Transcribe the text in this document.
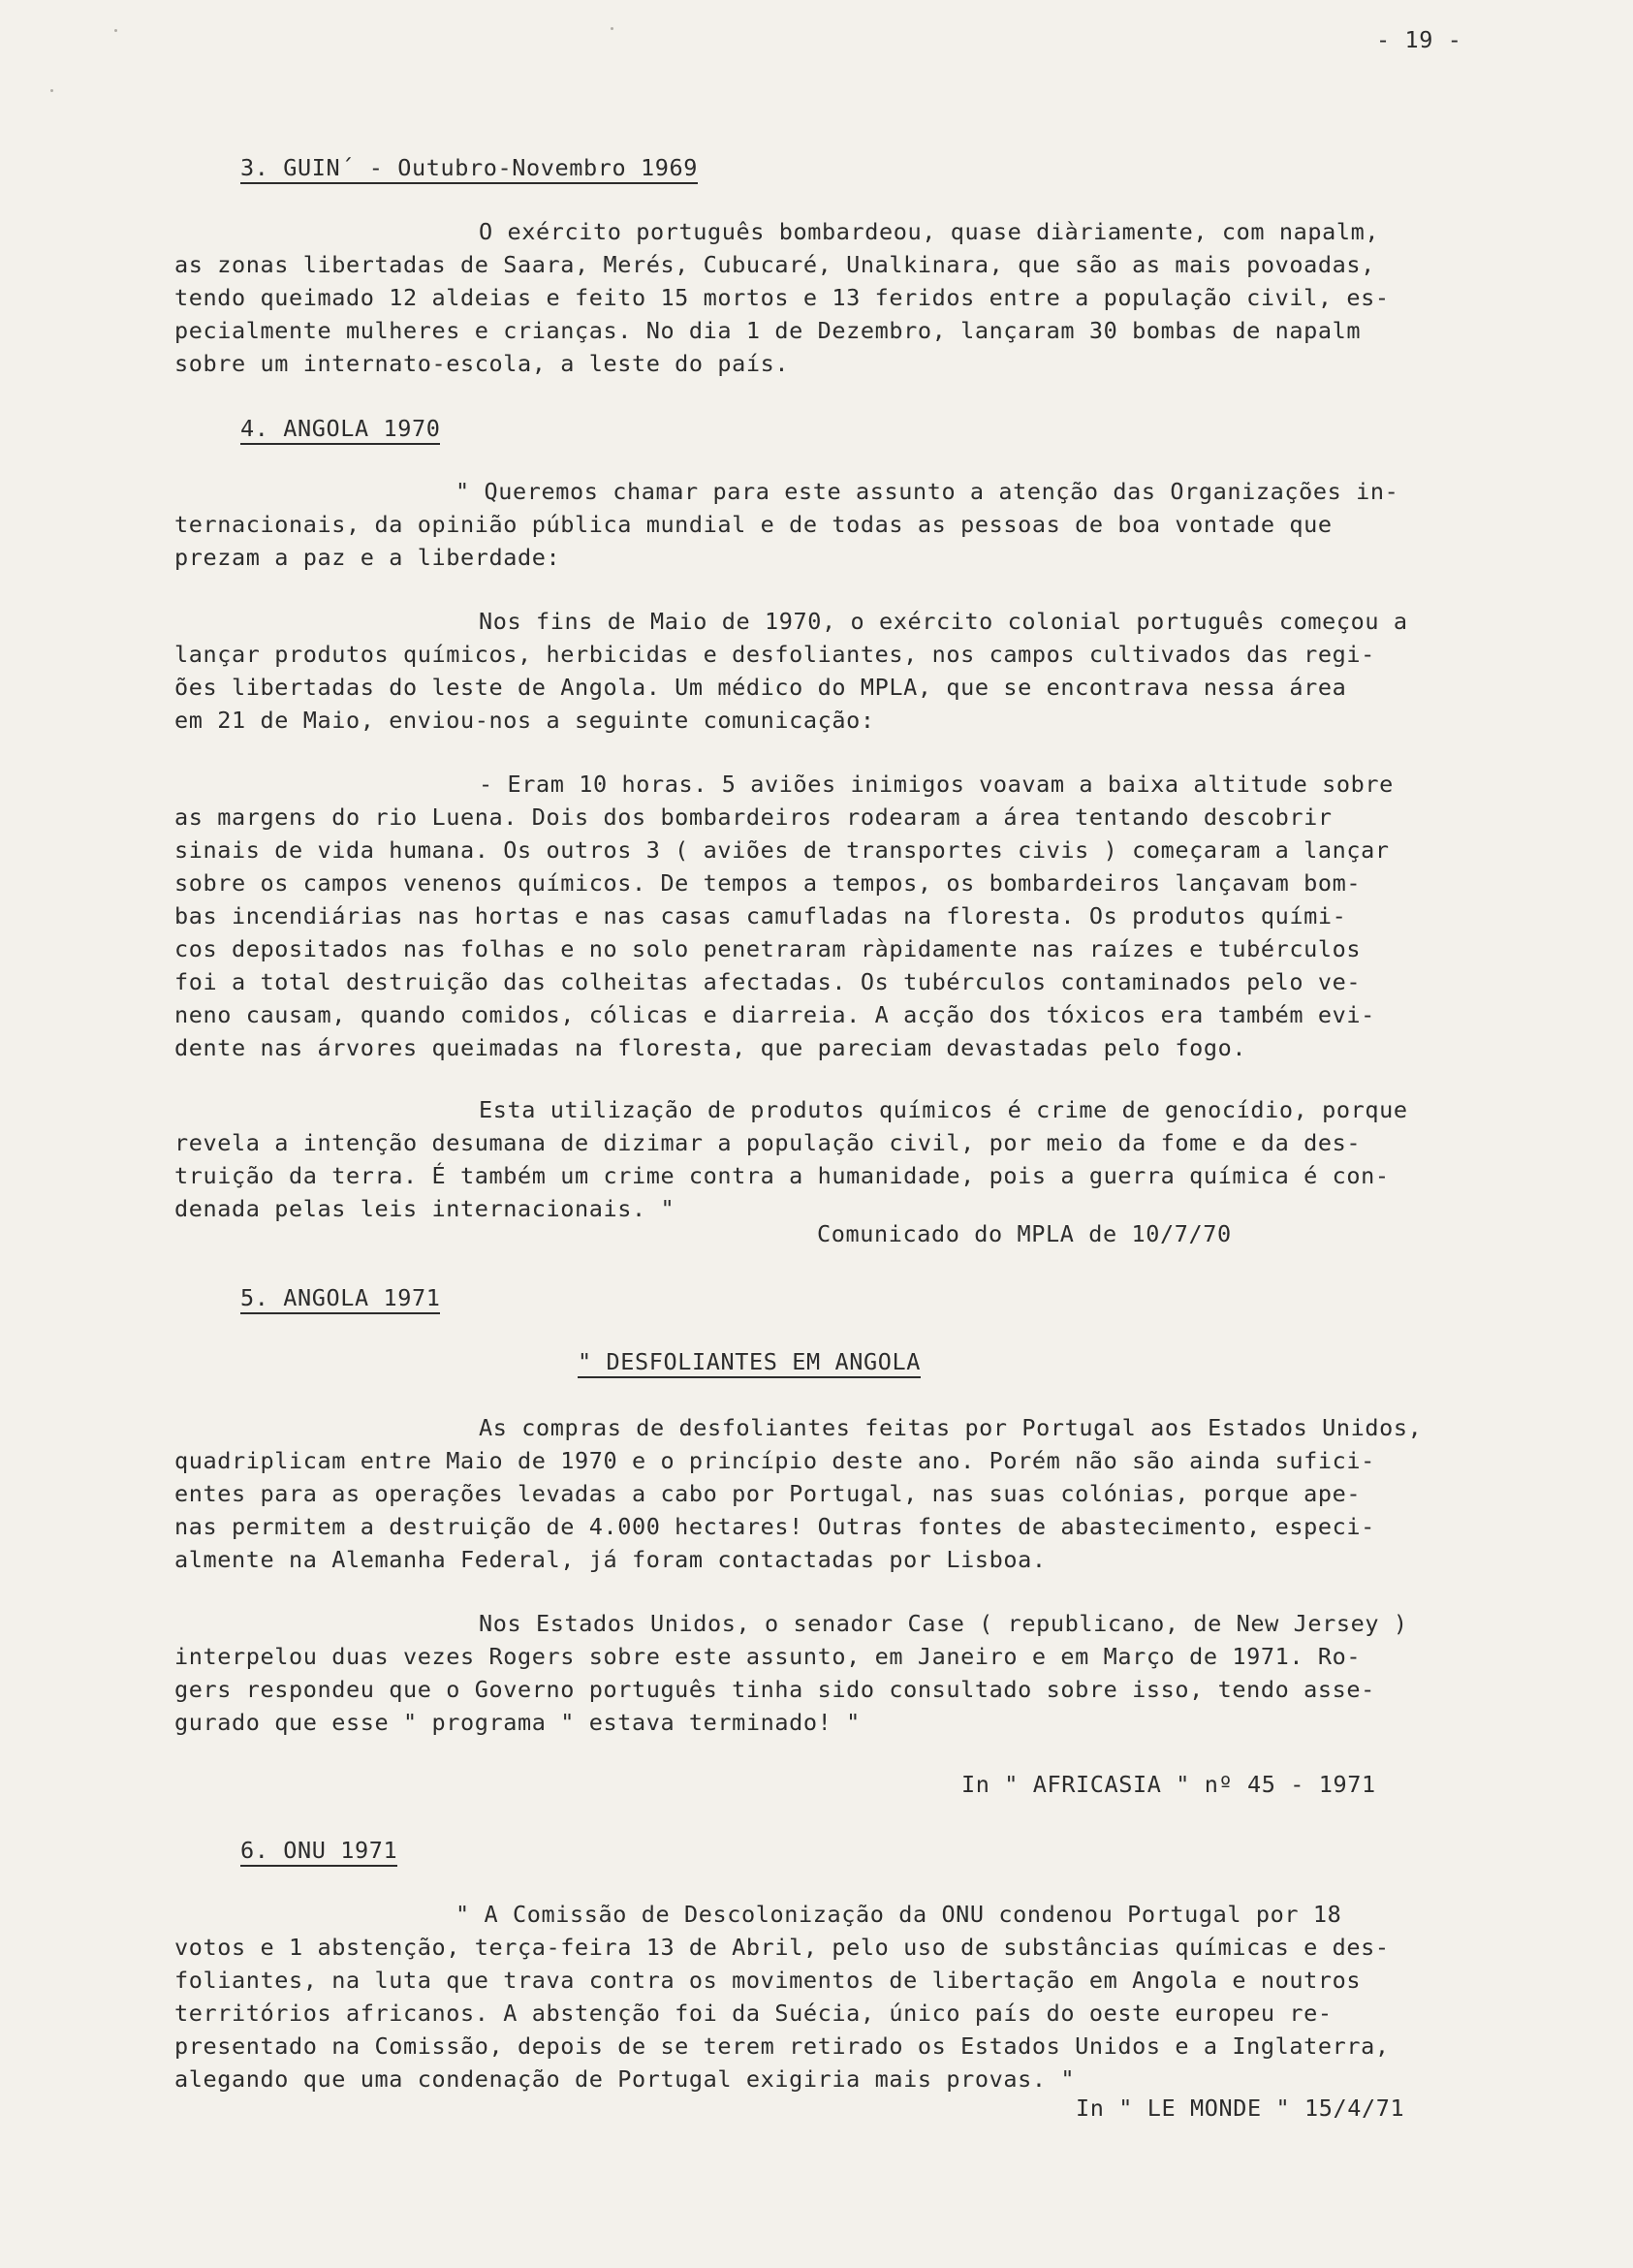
- 19 -
3. GUIN´ - Outubro-Novembro 1969
O exército português bombardeou, quase diàriamente, com napalm,
as zonas libertadas de Saara, Merés, Cubucaré, Unalkinara, que são as mais povoadas,
tendo queimado 12 aldeias e feito 15 mortos e 13 feridos entre a população civil, es-
pecialmente mulheres e crianças. No dia 1 de Dezembro, lançaram 30 bombas de napalm
sobre um internato-escola, a leste do país.
4. ANGOLA 1970
" Queremos chamar para este assunto a atenção das Organizações in-
ternacionais, da opinião pública mundial e de todas as pessoas de boa vontade que
prezam a paz e a liberdade:
Nos fins de Maio de 1970, o exército colonial português começou a
lançar produtos químicos, herbicidas e desfoliantes, nos campos cultivados das regi-
ões libertadas do leste de Angola. Um médico do MPLA, que se encontrava nessa área
em 21 de Maio, enviou-nos a seguinte comunicação:
- Eram 10 horas. 5 aviões inimigos voavam a baixa altitude sobre
as margens do rio Luena. Dois dos bombardeiros rodearam a área tentando descobrir
sinais de vida humana. Os outros 3 ( aviões de transportes civis ) começaram a lançar
sobre os campos venenos químicos. De tempos a tempos, os bombardeiros lançavam bom-
bas incendiárias nas hortas e nas casas camufladas na floresta. Os produtos quími-
cos depositados nas folhas e no solo penetraram ràpidamente nas raízes e tubérculos
foi a total destruição das colheitas afectadas. Os tubérculos contaminados pelo ve-
neno causam, quando comidos, cólicas e diarreia. A acção dos tóxicos era também evi-
dente nas árvores queimadas na floresta, que pareciam devastadas pelo fogo.
Esta utilização de produtos químicos é crime de genocídio, porque
revela a intenção desumana de dizimar a população civil, por meio da fome e da des-
truição da terra. É também um crime contra a humanidade, pois a guerra química é con-
denada pelas leis internacionais. "
Comunicado do MPLA de 10/7/70
5. ANGOLA 1971
" DESFOLIANTES EM ANGOLA
As compras de desfoliantes feitas por Portugal aos Estados Unidos,
quadriplicam entre Maio de 1970 e o princípio deste ano. Porém não são ainda sufici-
entes para as operações levadas a cabo por Portugal, nas suas colónias, porque ape-
nas permitem a destruição de 4.000 hectares! Outras fontes de abastecimento, especi-
almente na Alemanha Federal, já foram contactadas por Lisboa.
Nos Estados Unidos, o senador Case ( republicano, de New Jersey )
interpelou duas vezes Rogers sobre este assunto, em Janeiro e em Março de 1971. Ro-
gers respondeu que o Governo português tinha sido consultado sobre isso, tendo asse-
gurado que esse " programa " estava terminado! "
In " AFRICASIA " nº 45 - 1971
6. ONU 1971
" A Comissão de Descolonização da ONU condenou Portugal por 18
votos e 1 abstenção, terça-feira 13 de Abril, pelo uso de substâncias químicas e des-
foliantes, na luta que trava contra os movimentos de libertação em Angola e noutros
territórios africanos. A abstenção foi da Suécia, único país do oeste europeu re-
presentado na Comissão, depois de se terem retirado os Estados Unidos e a Inglaterra,
alegando que uma condenação de Portugal exigiria mais provas. "
In " LE MONDE " 15/4/71
